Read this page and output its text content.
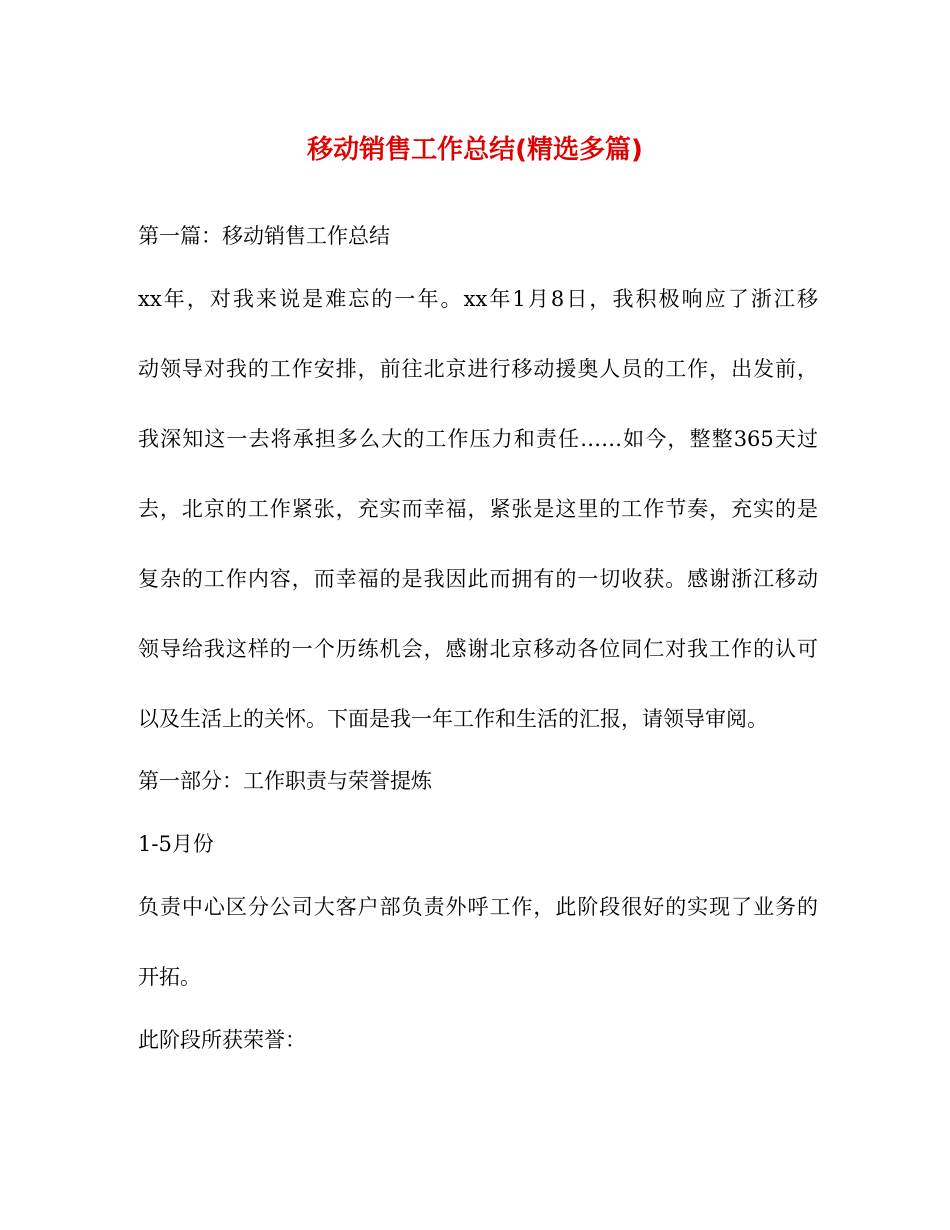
移动销售工作总结(精选多篇)

第一篇：移动销售工作总结

xx年，对我来说是难忘的一年。xx年1月8日，我积极响应了浙江移

动领导对我的工作安排，前往北京进行移动援奥人员的工作，出发前，

我深知这一去将承担多么大的工作压力和责任……如今，整整365天过

去，北京的工作紧张，充实而幸福，紧张是这里的工作节奏，充实的是

复杂的工作内容，而幸福的是我因此而拥有的一切收获。感谢浙江移动

领导给我这样的一个历练机会，感谢北京移动各位同仁对我工作的认可

以及生活上的关怀。下面是我一年工作和生活的汇报，请领导审阅。

第一部分：工作职责与荣誉提炼

1-5月份

负责中心区分公司大客户部负责外呼工作，此阶段很好的实现了业务的

开拓。

此阶段所获荣誉：
